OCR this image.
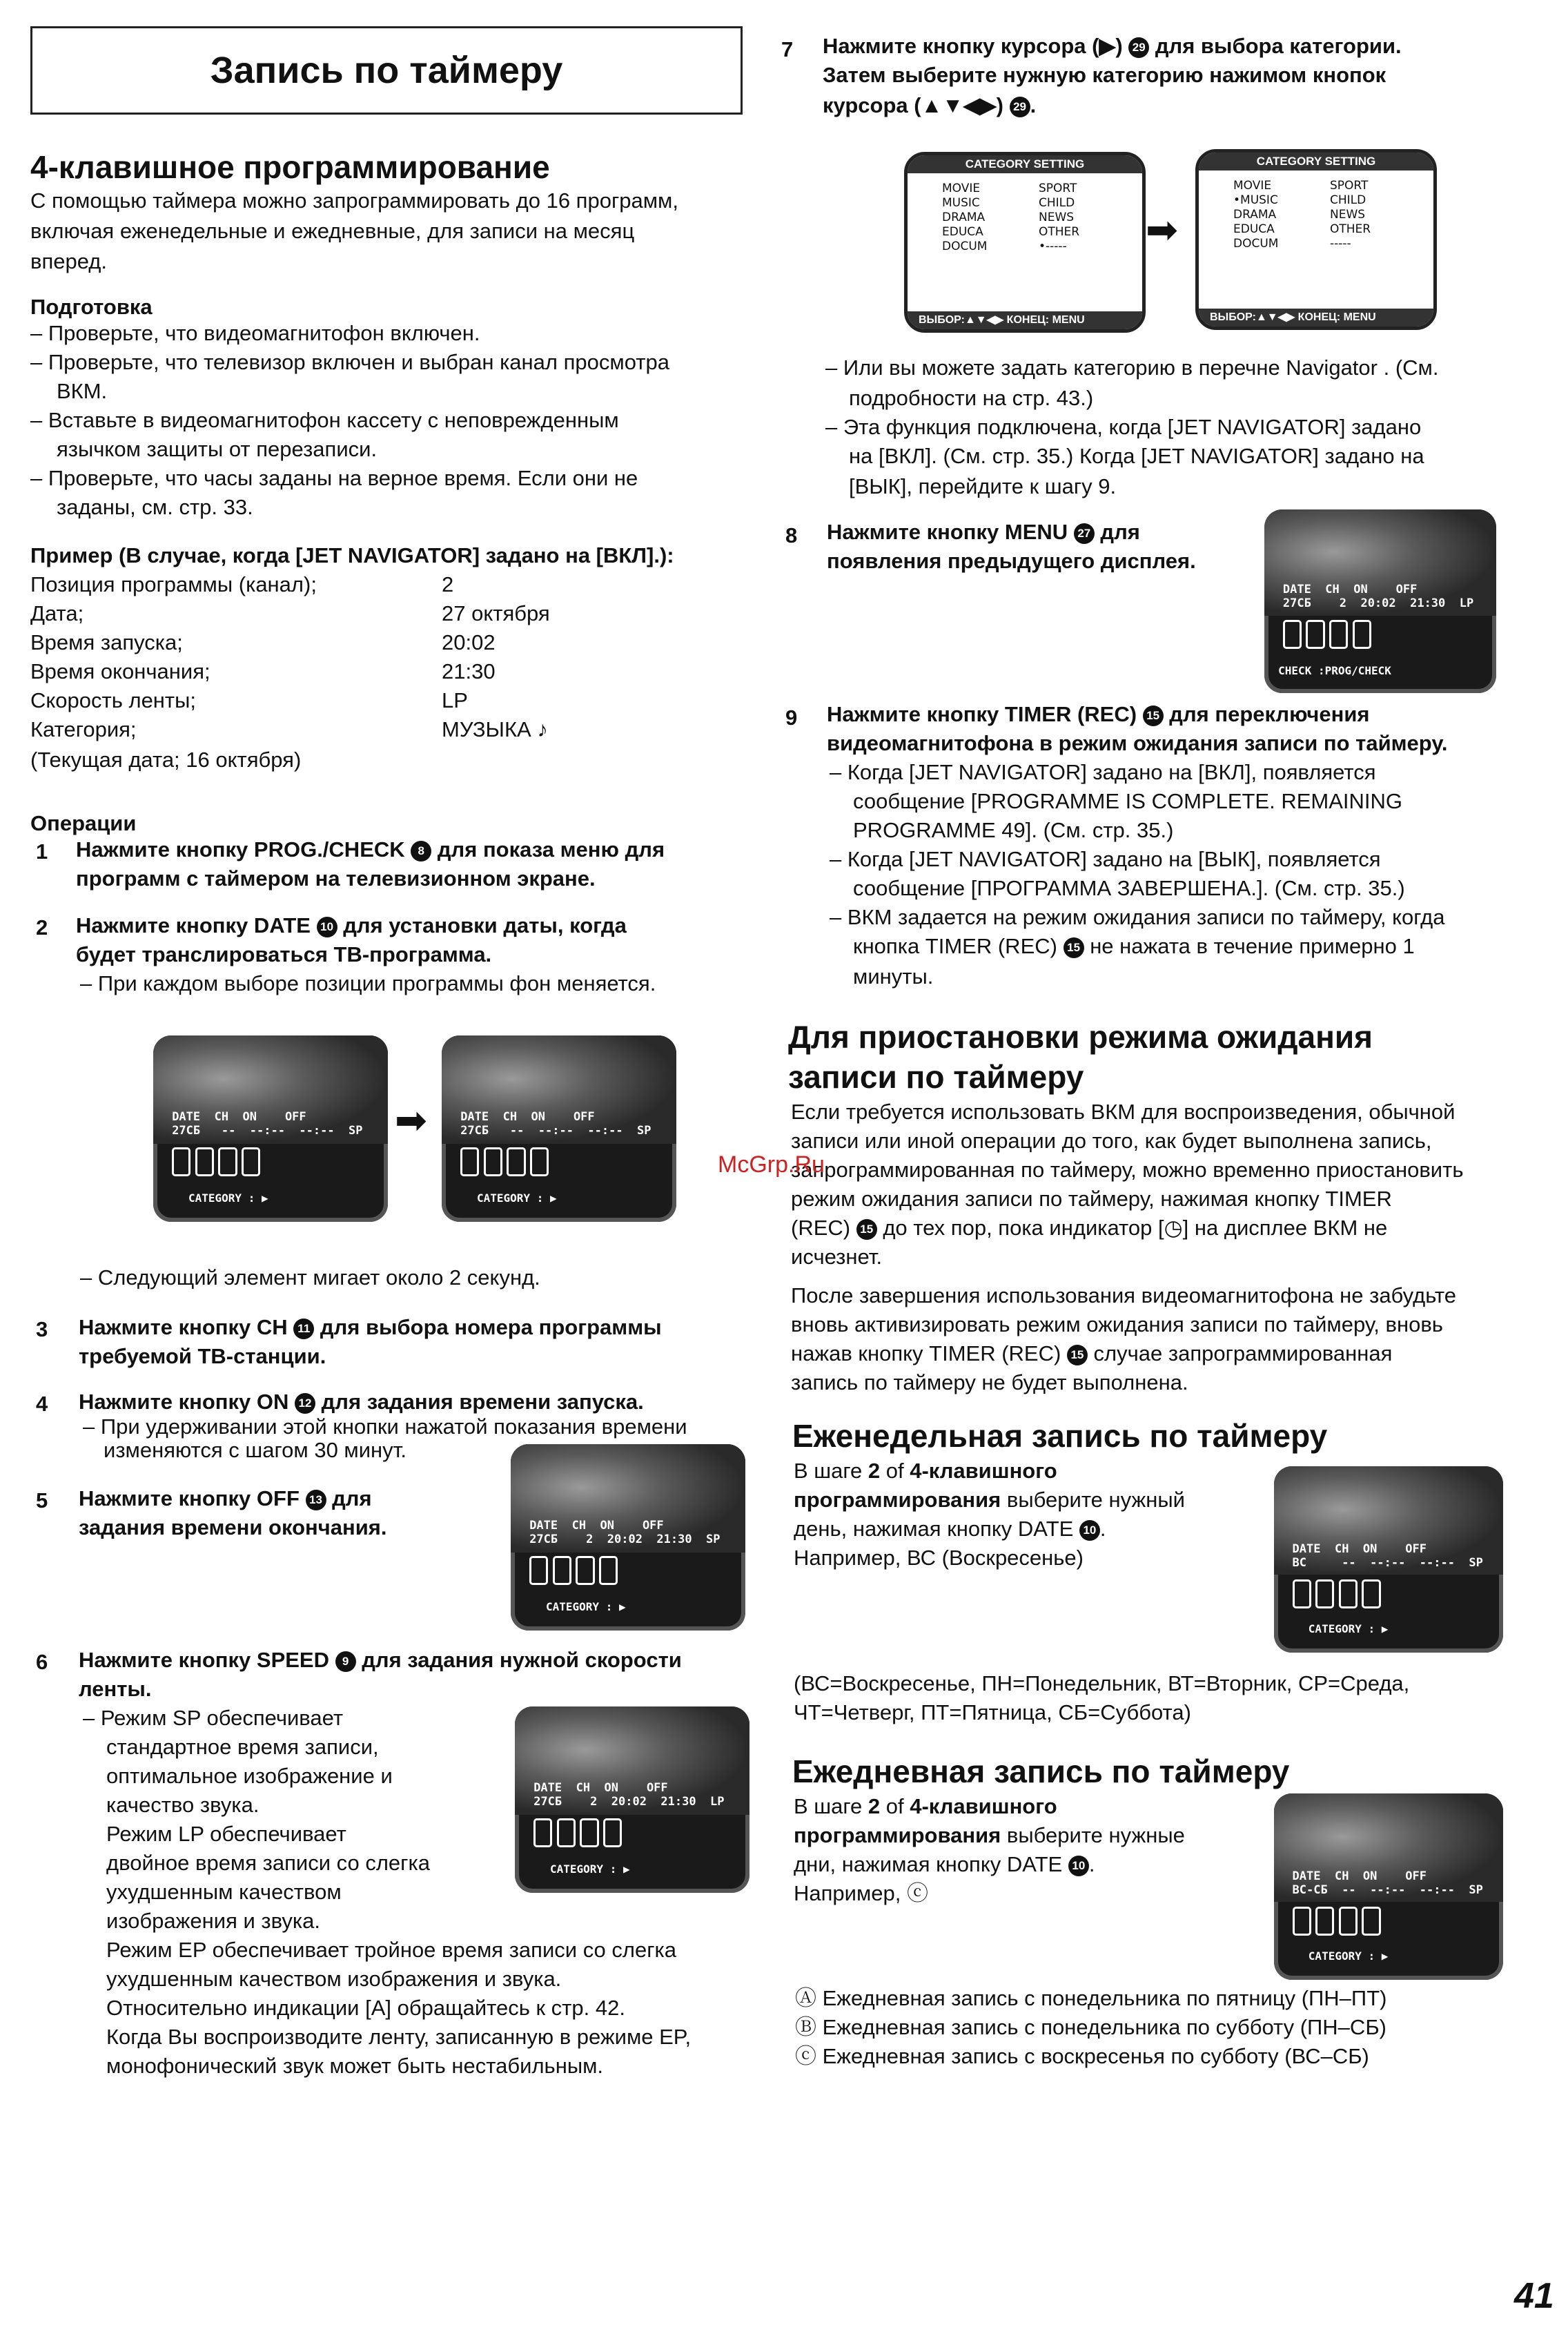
Запись по таймеру
4-клавишное программирование
С помощью таймера можно запрограммировать до 16 программ,
включая еженедельные и ежедневные, для записи на месяц
вперед.
Подготовка
– Проверьте, что видеомагнитофон включен.
– Проверьте, что телевизор включен и выбран канал просмотра
ВКМ.
– Вставьте в видеомагнитофон кассету с неповрежденным
язычком защиты от перезаписи.
– Проверьте, что часы заданы на верное время. Если они не
заданы, см. стр. 33.
Пример (В случае, когда [JET NAVIGATOR] задано на [ВКЛ].):
Позиция программы (канал);	2
Дата;	27 октября
Время запуска;	20:02
Время окончания;	21:30
Скорость ленты;	LP
Категория;	МУЗЫКА ♪
(Текущая дата; 16 октября)
Операции
1 Нажмите кнопку PROG./CHECK 8 для показа меню для
программ с таймером на телевизионном экране.
2 Нажмите кнопку DATE 10 для установки даты, когда
будет транслироваться ТВ-программа.
– При каждом выборе позиции программы фон меняется.
DATE  CH  ON    OFF
27СБ   --  --:--  --:--  SP
CATEGORY : ▶
➡	DATE  CH  ON    OFF
27СБ   --  --:--  --:--  SP
CATEGORY : ▶
– Следующий элемент мигает около 2 секунд.
3 Нажмите кнопку CH 11 для выбора номера программы
требуемой ТВ-станции.
4 Нажмите кнопку ON 12 для задания времени запуска.
– При удерживании этой кнопки нажатой показания времени
изменяются с шагом 30 минут.
5 Нажмите кнопку OFF 13 для
задания времени окончания.	DATE  CH  ON    OFF
27СБ    2  20:02  21:30  SP
CATEGORY : ▶
6 Нажмите кнопку SPEED 9 для задания нужной скорости
ленты.
– Режим SP обеспечивает
стандартное время записи,
оптимальное изображение и
качество звука.
Режим LP обеспечивает
двойное время записи со слегка
ухудшенным качеством
изображения и звука.
Режим EP обеспечивает тройное время записи со слегка
ухудшенным качеством изображения и звука.
Относительно индикации [A] обращайтесь к стр. 42.
Когда Вы воспроизводите ленту, записанную в режиме EP,
монофонический звук может быть нестабильным.
DATE  CH  ON    OFF
27СБ    2  20:02  21:30  LP
CATEGORY : ▶
7 Нажмите кнопку курсора (▶) 29 для выбора категории.
Затем выберите нужную категорию нажимом кнопок
курсора (▲▼◀▶) 29 .
CATEGORY SETTING
MOVIE
MUSIC
DRAMA
EDUCA
DOCUM
SPORT
CHILD
NEWS
OTHER
•-----
ВЫБОР:▲▼◀▶ КОНЕЦ: MENU
➡
CATEGORY SETTING
MOVIE
•MUSIC
DRAMA
EDUCA
DOCUM
SPORT
CHILD
NEWS
OTHER
-----
ВЫБОР:▲▼◀▶ КОНЕЦ: MENU
– Или вы можете задать категорию в перечне Navigator . (См.
подробности на стр. 43.)
– Эта функция подключена, когда [JET NAVIGATOR] задано
на [ВКЛ]. (См. стр. 35.) Когда [JET NAVIGATOR] задано на
[ВЫК], перейдите к шагу 9.
8 Нажмите кнопку MENU 27 для
появления предыдущего дисплея.
DATE  CH  ON    OFF
27СБ    2  20:02  21:30  LP
CHECK :PROG/CHECK
9 Нажмите кнопку TIMER (REC) 15 для переключения
видеомагнитофона в режим ожидания записи по таймеру.
– Когда [JET NAVIGATOR] задано на [ВКЛ], появляется
сообщение [PROGRAMME IS COMPLETE. REMAINING
PROGRAMME 49]. (См. стр. 35.)
– Когда [JET NAVIGATOR] задано на [ВЫК], появляется
сообщение [ПРОГРАММА ЗАВЕРШЕНА.]. (См. стр. 35.)
– ВКМ задается на режим ожидания записи по таймеру, когда
кнопка TIMER (REC) 15 не нажата в течение примерно 1
минуты.
Для приостановки режима ожидания
записи по таймеру
Если требуется использовать ВКМ для воспроизведения, обычной
записи или иной операции до того, как будет выполнена запись,
запрограммированная по таймеру, можно временно приостановить
режим ожидания записи по таймеру, нажимая кнопку TIMER
(REC) 15 до тех пор, пока индикатор [◷] на дисплее ВКМ не
исчезнет.
После завершения использования видеомагнитофона не забудьте
вновь активизировать режим ожидания записи по таймеру, вновь
нажав кнопку TIMER (REC) 15 случае запрограммированная
запись по таймеру не будет выполнена.
McGrp.Ru
Еженедельная запись по таймеру
В шаге 2 of 4-клавишного
программирования выберите нужный
день, нажимая кнопку DATE 10 .
Например, ВС (Воскресенье)	DATE  CH  ON    OFF
ВС     --  --:--  --:--  SP
CATEGORY : ▶
(ВС=Воскресенье, ПН=Понедельник, ВТ=Вторник, СР=Среда,
ЧТ=Четверг, ПТ=Пятница, СБ=Суббота)
Ежедневная запись по таймеру
В шаге 2 of 4-клавишного
программирования выберите нужные
дни, нажимая кнопку DATE 10 .
Например, ⓒ
DATE  CH  ON    OFF
ВС-СБ  --  --:--  --:--  SP
CATEGORY : ▶
Ⓐ Ежедневная запись с понедельника по пятницу (ПН–ПТ)
Ⓑ Ежедневная запись с понедельника по субботу (ПН–СБ)
ⓒ Ежедневная запись с воскресенья по субботу (ВС–СБ)
41
